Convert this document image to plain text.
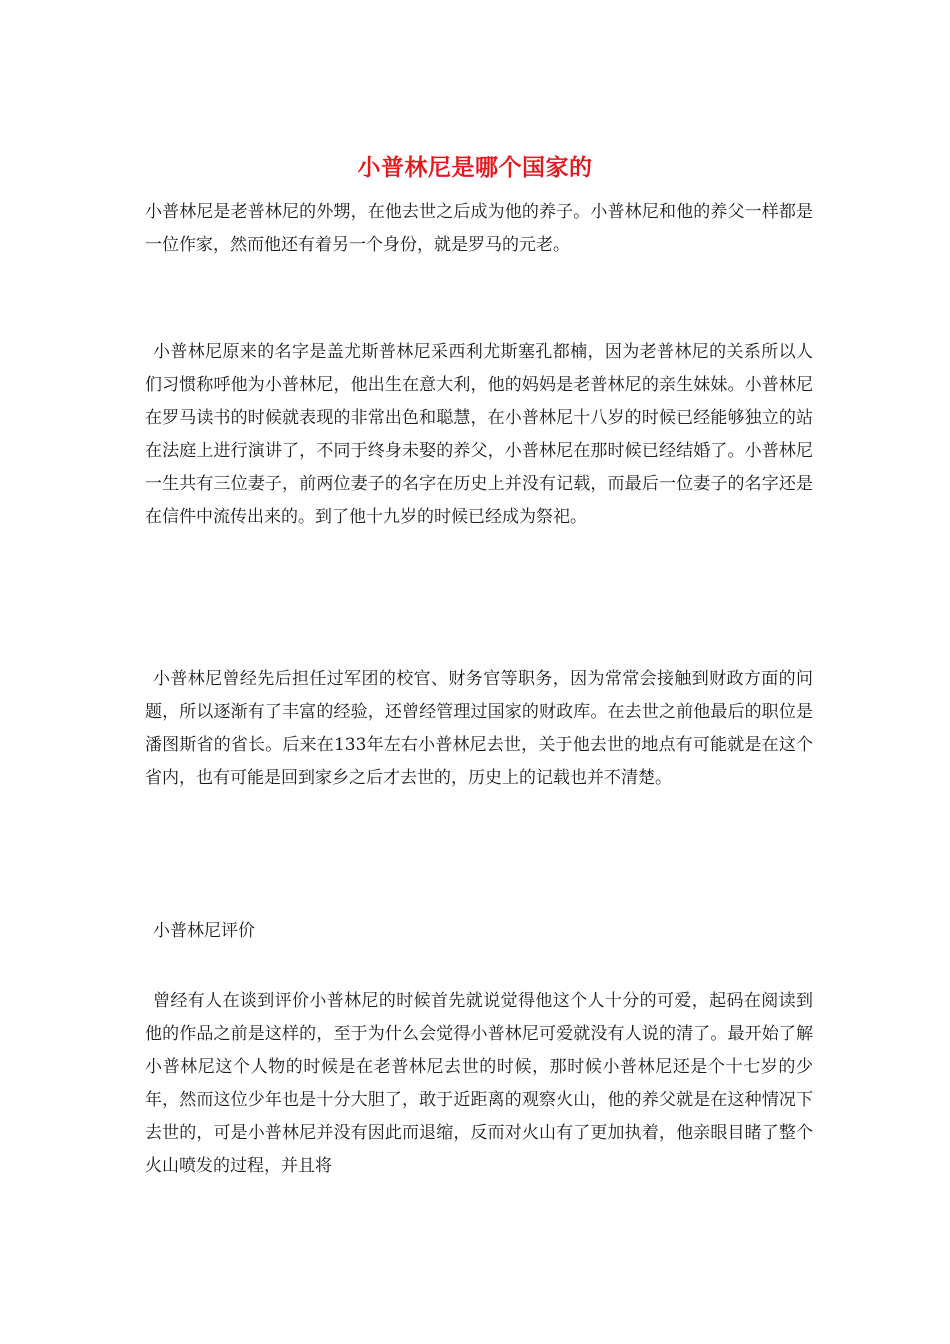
小普林尼是哪个国家的

小普林尼是老普林尼的外甥，在他去世之后成为他的养子。小普林尼和他的养父一样都是一位作家，然而他还有着另一个身份，就是罗马的元老。

小普林尼原来的名字是盖尤斯普林尼采西利尤斯塞孔都楠，因为老普林尼的关系所以人们习惯称呼他为小普林尼，他出生在意大利，他的妈妈是老普林尼的亲生妹妹。小普林尼在罗马读书的时候就表现的非常出色和聪慧，在小普林尼十八岁的时候已经能够独立的站在法庭上进行演讲了，不同于终身未娶的养父，小普林尼在那时候已经结婚了。小普林尼一生共有三位妻子，前两位妻子的名字在历史上并没有记载，而最后一位妻子的名字还是在信件中流传出来的。到了他十九岁的时候已经成为祭祀。

小普林尼曾经先后担任过军团的校官、财务官等职务，因为常常会接触到财政方面的问题，所以逐渐有了丰富的经验，还曾经管理过国家的财政库。在去世之前他最后的职位是潘图斯省的省长。后来在133年左右小普林尼去世，关于他去世的地点有可能就是在这个省内，也有可能是回到家乡之后才去世的，历史上的记载也并不清楚。

小普林尼评价

曾经有人在谈到评价小普林尼的时候首先就说觉得他这个人十分的可爱，起码在阅读到他的作品之前是这样的，至于为什么会觉得小普林尼可爱就没有人说的清了。最开始了解小普林尼这个人物的时候是在老普林尼去世的时候，那时候小普林尼还是个十七岁的少年，然而这位少年也是十分大胆了，敢于近距离的观察火山，他的养父就是在这种情况下去世的，可是小普林尼并没有因此而退缩，反而对火山有了更加执着，他亲眼目睹了整个火山喷发的过程，并且将
